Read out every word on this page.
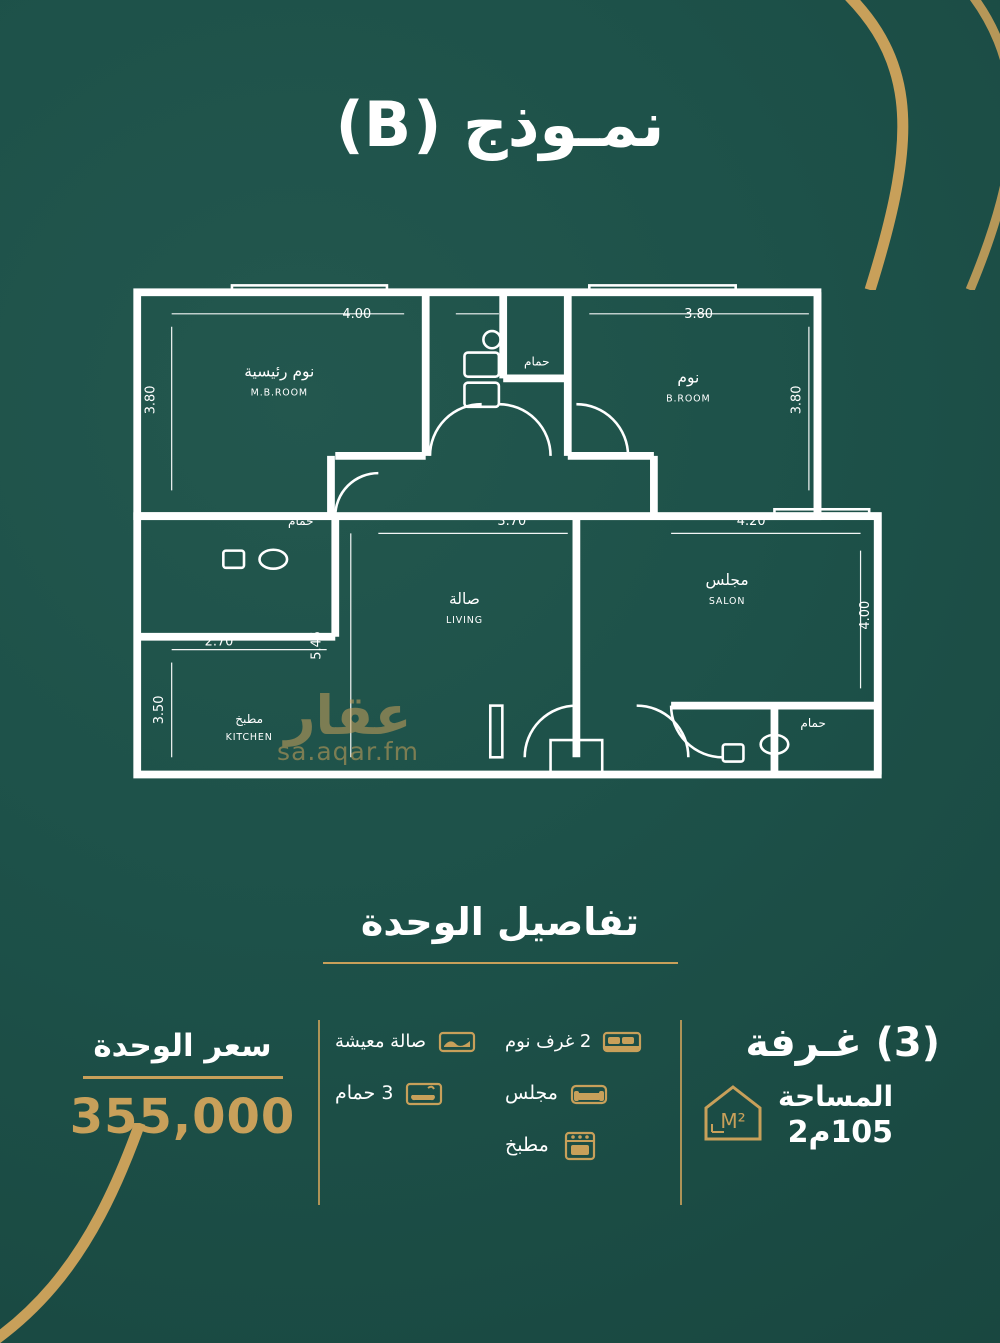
نمـوذج (B)
4.00	3.80
3.80	3.80
3.70	4.20
4.00
5.45
2.70
3.50
نوم رئيسية
M.B.ROOM
نوم
B.ROOM
حمام
حمام
صالة
LIVING
مجلس
SALON
مطبخ
KITCHEN
حمام
عقار
sa.aqar.fm
تفاصيل الوحدة
سعر الوحدة
355,000
2 غرف نوم
مجلس
مطبخ
صالة معيشة
3 حمام
(3) غـرفة
المساحة
105م2
M²
